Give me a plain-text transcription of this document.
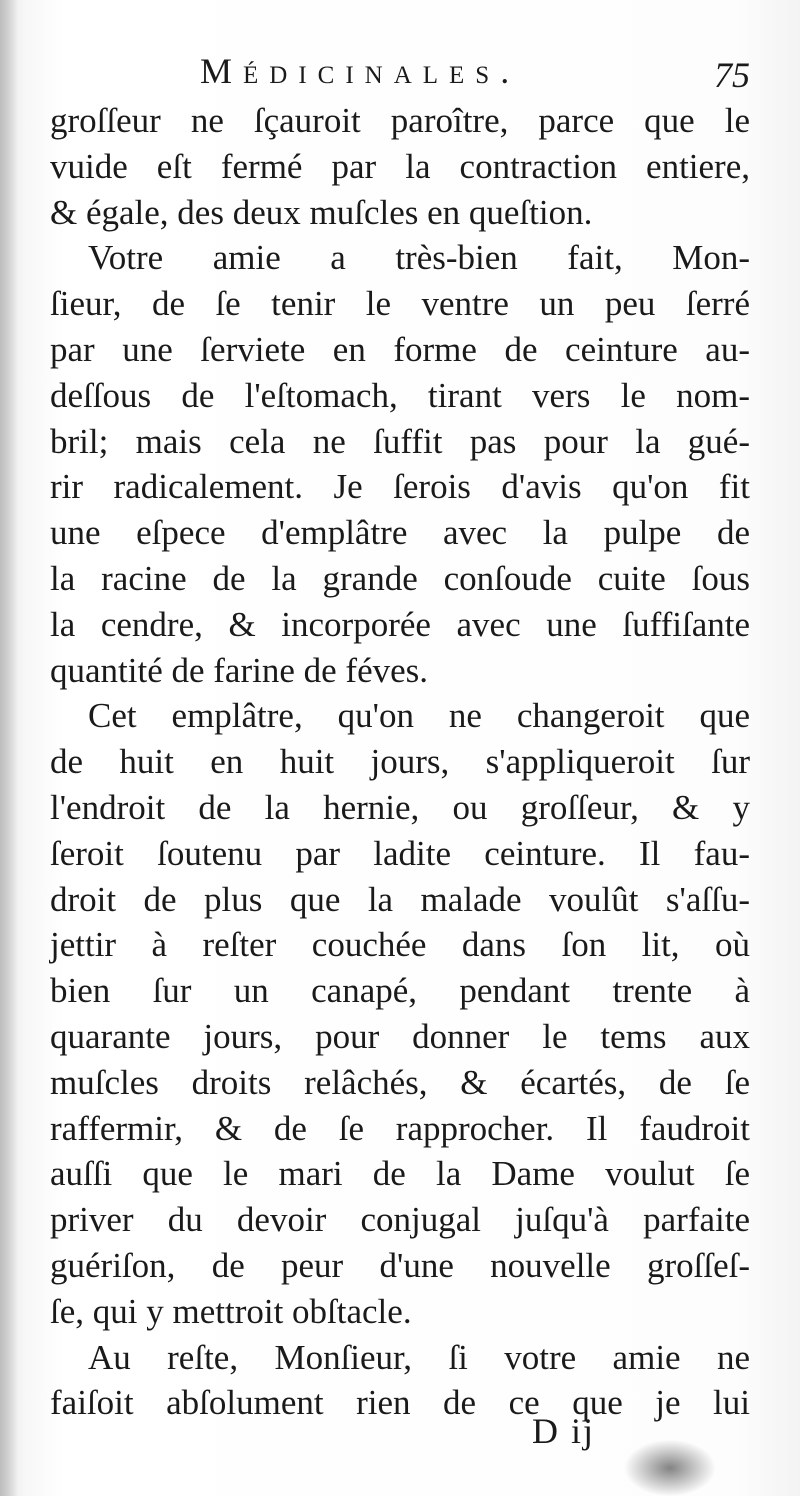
Médicinales.	75
groſſeur ne ſçauroit paroître, parce que le
vuide eſt fermé par la contraction entiere,
& égale, des deux muſcles en queſtion.
Votre amie a très-bien fait, Mon-
ſieur, de ſe tenir le ventre un peu ſerré
par une ſerviete en forme de ceinture au-
deſſous de l'eſtomach, tirant vers le nom-
bril; mais cela ne ſuffit pas pour la gué-
rir radicalement. Je ſerois d'avis qu'on fit
une eſpece d'emplâtre avec la pulpe de
la racine de la grande conſoude cuite ſous
la cendre, & incorporée avec une ſuffiſante
quantité de farine de féves.
Cet emplâtre, qu'on ne changeroit que
de huit en huit jours, s'appliqueroit ſur
l'endroit de la hernie, ou groſſeur, & y
ſeroit ſoutenu par ladite ceinture. Il fau-
droit de plus que la malade voulût s'aſſu-
jettir à reſter couchée dans ſon lit, où
bien ſur un canapé, pendant trente à
quarante jours, pour donner le tems aux
muſcles droits relâchés, & écartés, de ſe
raffermir, & de ſe rapprocher. Il faudroit
auſſi que le mari de la Dame voulut ſe
priver du devoir conjugal juſqu'à parfaite
guériſon, de peur d'une nouvelle groſſeſ-
ſe, qui y mettroit obſtacle.
Au reſte, Monſieur, ſi votre amie ne
faiſoit abſolument rien de ce que je lui
D ij
